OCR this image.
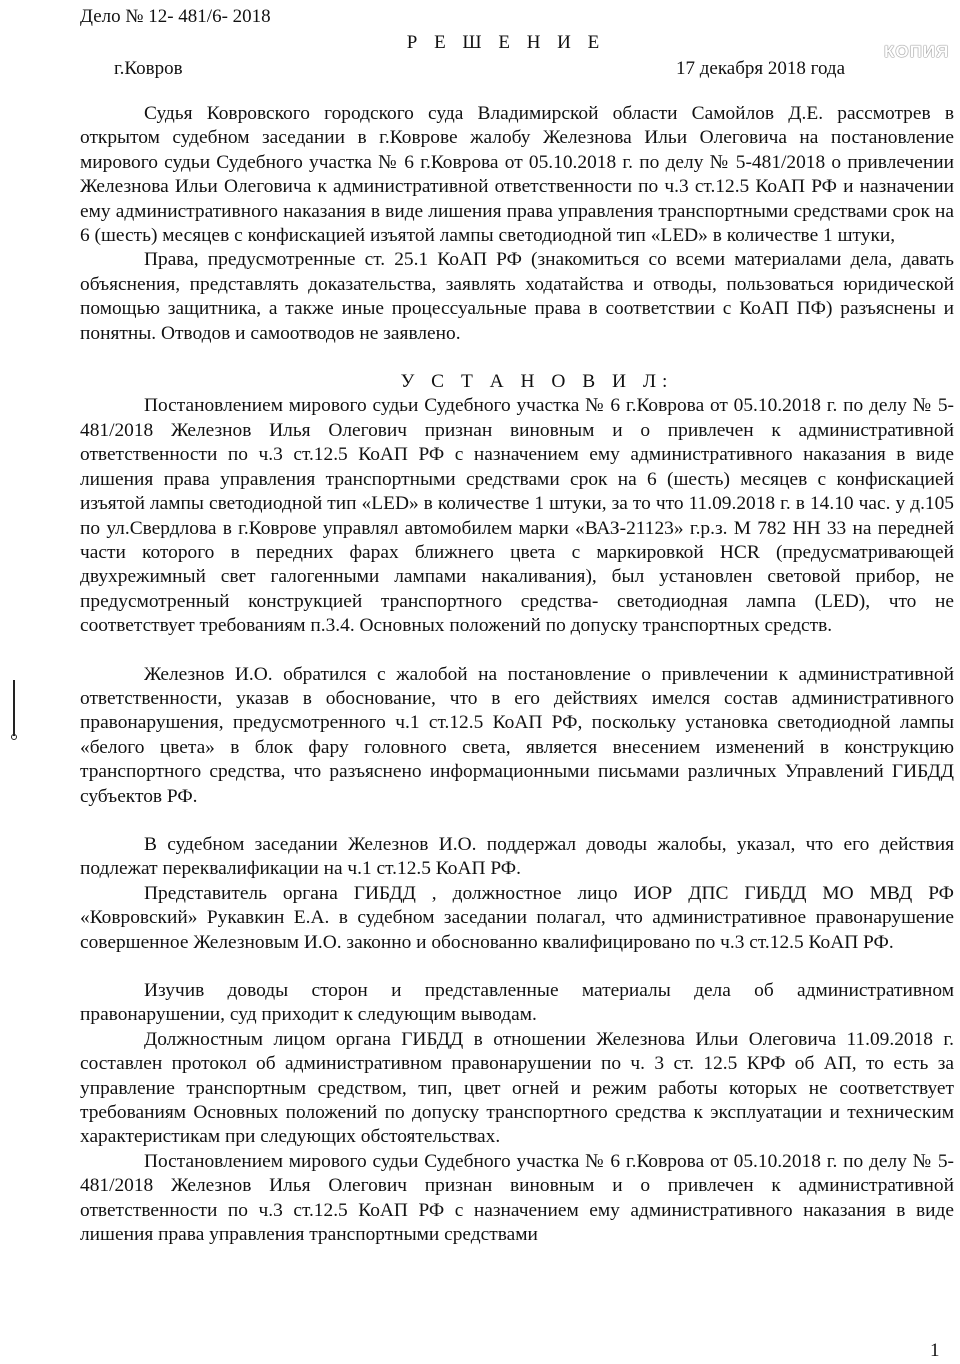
Дело № 12- 481/6- 2018
Р Е Ш Е Н И Е
г.Ковров	17 декабря 2018 года
КОПИЯ

Судья Ковровского городского суда Владимирской области Самойлов Д.Е. рассмотрев в открытом судебном заседании в г.Коврове жалобу Железнова Ильи Олеговича на постановление мирового судьи Судебного участка № 6 г.Коврова от 05.10.2018 г. по делу № 5-481/2018 о привлечении Железнова Ильи Олеговича к административной ответственности по ч.3 ст.12.5 КоАП РФ и назначении ему административного наказания в виде лишения права управления транспортными средствами срок на 6 (шесть) месяцев с конфискацией изъятой лампы светодиодной тип «LED» в количестве 1 штуки,

Права, предусмотренные ст. 25.1 КоАП РФ (знакомиться со всеми материалами дела, давать объяснения, представлять доказательства, заявлять ходатайства и отводы, пользоваться юридической помощью защитника, а также иные процессуальные права в соответствии с КоАП ПФ) разъяснены и понятны. Отводов и самоотводов не заявлено.

У С Т А Н О В И Л:

Постановлением мирового судьи Судебного участка № 6 г.Коврова от 05.10.2018 г. по делу № 5-481/2018 Железнов Илья Олегович признан виновным и о привлечен к административной ответственности по ч.3 ст.12.5 КоАП РФ с назначением ему административного наказания в виде лишения права управления транспортными средствами срок на 6 (шесть) месяцев с конфискацией изъятой лампы светодиодной тип «LED» в количестве 1 штуки, за то что 11.09.2018 г. в 14.10 час. у д.105 по ул.Свердлова в г.Коврове управлял автомобилем марки «ВАЗ-21123» г.р.з. М 782 НН 33 на передней части которого в передних фарах ближнего цвета с маркировкой HCR (предусматривающей двухрежимный свет галогенными лампами накаливания), был установлен световой прибор, не предусмотренный конструкцией транспортного средства- светодиодная лампа (LED), что не соответствует требованиям п.3.4. Основных положений по допуску транспортных средств.

Железнов И.О. обратился с жалобой на постановление о привлечении к административной ответственности, указав в обоснование, что в его действиях имелся состав административного правонарушения, предусмотренного ч.1 ст.12.5 КоАП РФ, поскольку установка светодиодной лампы «белого цвета» в блок фару головного света, является внесением изменений в конструкцию транспортного средства, что разъяснено информационными письмами различных Управлений ГИБДД субъектов РФ.

В судебном заседании Железнов И.О. поддержал доводы жалобы, указал, что его действия подлежат переквалификации на ч.1 ст.12.5 КоАП РФ.

Представитель органа ГИБДД , должностное лицо ИОР ДПС ГИБДД МО МВД РФ «Ковровский» Рукавкин Е.А. в судебном заседании полагал, что административное правонарушение совершенное Железновым И.О. законно и обоснованно квалифицировано по ч.3 ст.12.5 КоАП РФ.

Изучив доводы сторон и представленные материалы дела об административном правонарушении, суд приходит к следующим выводам.

Должностным лицом органа ГИБДД в отношении Железнова Ильи Олеговича 11.09.2018 г. составлен протокол об административном правонарушении по ч. 3 ст. 12.5 КРФ об АП, то есть за управление транспортным средством, тип, цвет огней и режим работы которых не соответствует требованиям Основных положений по допуску транспортного средства к эксплуатации и техническим характеристикам при следующих обстоятельствах.

Постановлением мирового судьи Судебного участка № 6 г.Коврова от 05.10.2018 г. по делу № 5-481/2018 Железнов Илья Олегович признан виновным и о привлечен к административной ответственности по ч.3 ст.12.5 КоАП РФ с назначением ему административного наказания в виде лишения права управления транспортными средствами

1
